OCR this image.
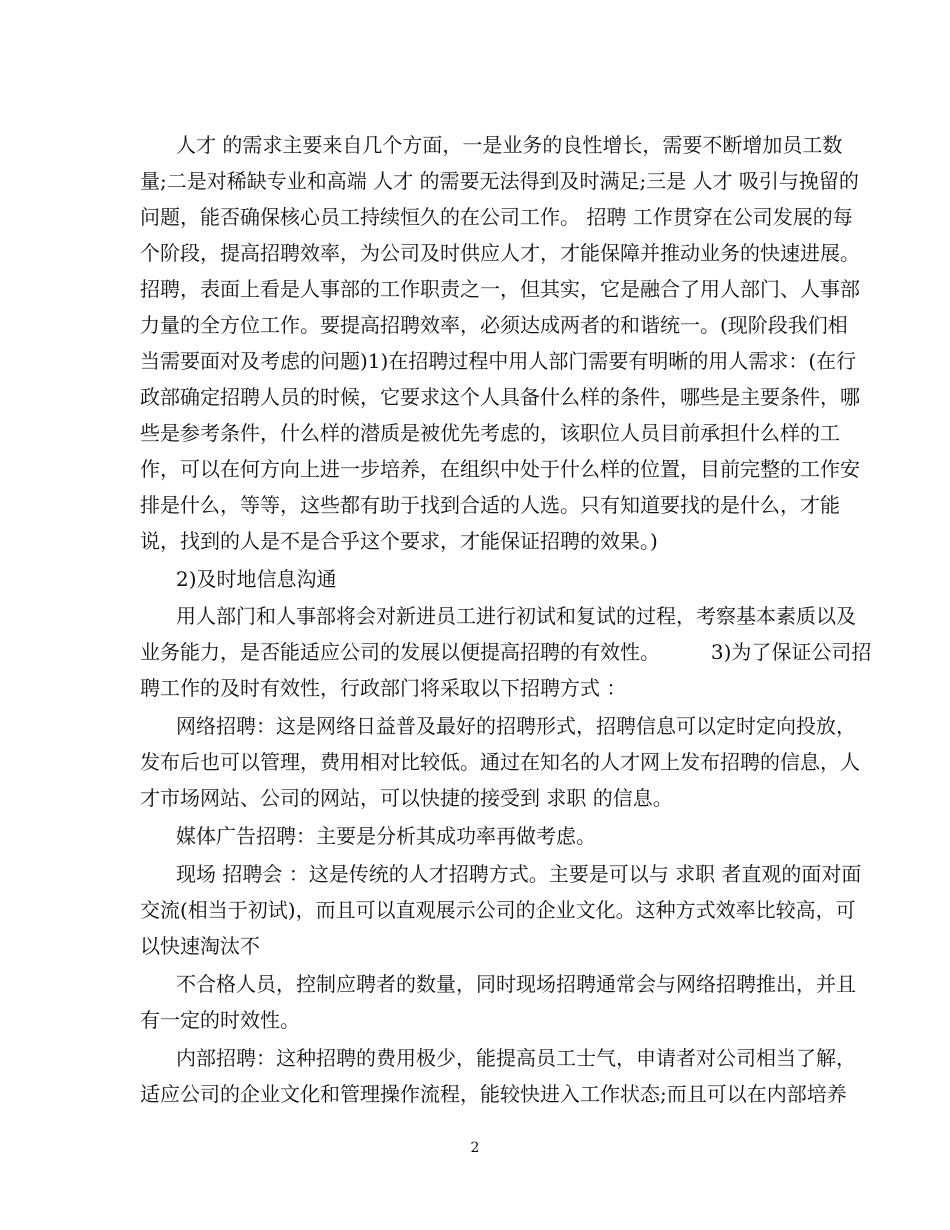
人才 的需求主要来自几个方面，一是业务的良性增长，需要不断增加员工数
量;二是对稀缺专业和高端 人才 的需要无法得到及时满足;三是 人才 吸引与挽留的
问题，能否确保核心员工持续恒久的在公司工作。 招聘 工作贯穿在公司发展的每
个阶段，提高招聘效率，为公司及时供应人才，才能保障并推动业务的快速进展。
招聘，表面上看是人事部的工作职责之一，但其实，它是融合了用人部门、人事部
力量的全方位工作。要提高招聘效率，必须达成两者的和谐统一。(现阶段我们相
当需要面对及考虑的问题)1)在招聘过程中用人部门需要有明晰的用人需求：(在行
政部确定招聘人员的时候，它要求这个人具备什么样的条件，哪些是主要条件，哪
些是参考条件，什么样的潜质是被优先考虑的，该职位人员目前承担什么样的工
作，可以在何方向上进一步培养，在组织中处于什么样的位置，目前完整的工作安
排是什么，等等，这些都有助于找到合适的人选。只有知道要找的是什么，才能
说，找到的人是不是合乎这个要求，才能保证招聘的效果。)
2)及时地信息沟通
用人部门和人事部将会对新进员工进行初试和复试的过程，考察基本素质以及
业务能力，是否能适应公司的发展以便提高招聘的有效性。        3)为了保证公司招
聘工作的及时有效性，行政部门将采取以下招聘方式 ：
网络招聘：这是网络日益普及最好的招聘形式，招聘信息可以定时定向投放，
发布后也可以管理，费用相对比较低。通过在知名的人才网上发布招聘的信息，人
才市场网站、公司的网站，可以快捷的接受到 求职 的信息。
媒体广告招聘：主要是分析其成功率再做考虑。
现场 招聘会 ：这是传统的人才招聘方式。主要是可以与 求职 者直观的面对面
交流(相当于初试)，而且可以直观展示公司的企业文化。这种方式效率比较高，可
以快速淘汰不
不合格人员，控制应聘者的数量，同时现场招聘通常会与网络招聘推出，并且
有一定的时效性。
内部招聘：这种招聘的费用极少，能提高员工士气，申请者对公司相当了解，
适应公司的企业文化和管理操作流程，能较快进入工作状态;而且可以在内部培养
2
